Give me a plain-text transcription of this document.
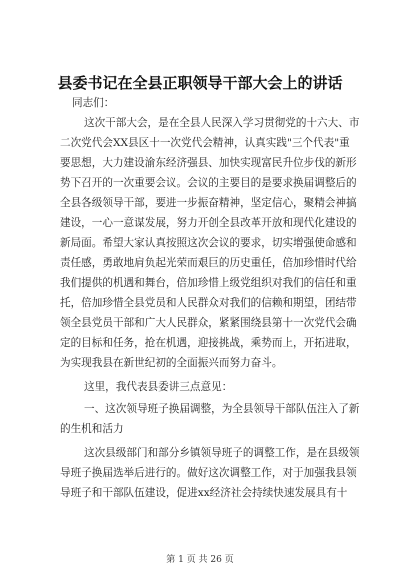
县委书记在全县正职领导干部大会上的讲话
同志们：
这次干部大会，是在全县人民深入学习贯彻党的十六大、市
二次党代会XX县区十一次党代会精神，认真实践"三个代表"重
要思想，大力建设渝东经济强县、加快实现富民升位步伐的新形
势下召开的一次重要会议。会议的主要目的是要求换届调整后的
全县各级领导干部，要进一步振奋精神，坚定信心，聚精会神搞
建设，一心一意谋发展，努力开创全县改革开放和现代化建设的
新局面。希望大家认真按照这次会议的要求，切实增强使命感和
责任感，勇敢地肩负起光荣而艰巨的历史重任，倍加珍惜时代给
我们提供的机遇和舞台，倍加珍惜上级党组织对我们的信任和重
托，倍加珍惜全县党员和人民群众对我们的信赖和期望，团结带
领全县党员干部和广大人民群众，紧紧围绕县第十一次党代会确
定的目标和任务，抢在机遇，迎接挑战，乘势而上，开拓进取，
为实现我县在新世纪初的全面振兴而努力奋斗。
这里，我代表县委讲三点意见：
一、这次领导班子换届调整，为全县领导干部队伍注入了新
的生机和活力
这次县级部门和部分乡镇领导班子的调整工作，是在县级领
导班子换届选举后进行的。做好这次调整工作，对于加强我县领
导班子和干部队伍建设，促进xx经济社会持续快速发展具有十
第 1 页 共 26 页
